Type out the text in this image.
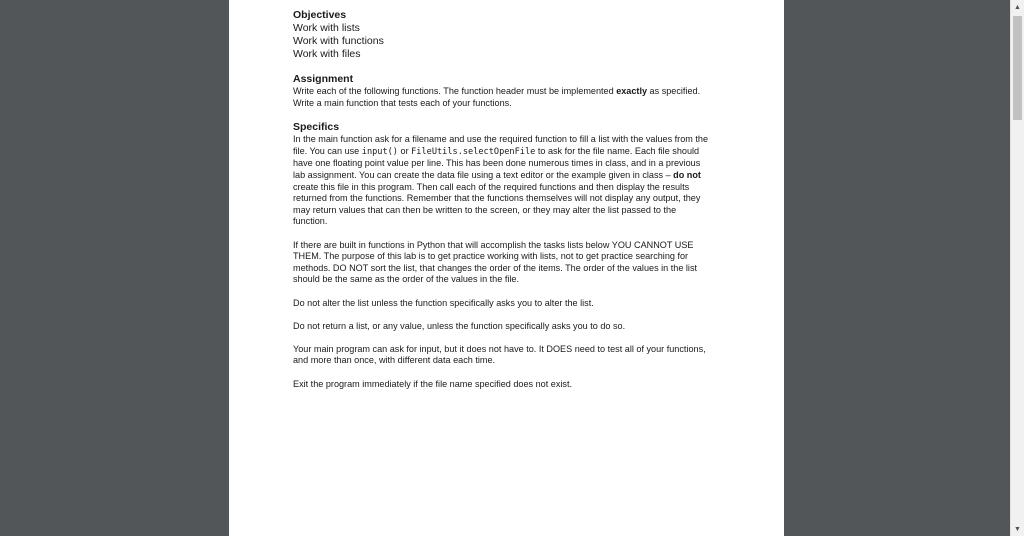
Objectives
Work with lists
Work with functions
Work with files
Assignment

Write each of the following functions. The function header must be implemented exactly as specified. Write a main function that tests each of your functions.

Specifics

In the main function ask for a filename and use the required function to fill a list with the values from the file. You can use input() or FileUtils.selectOpenFile to ask for the file name. Each file should have one floating point value per line. This has been done numerous times in class, and in a previous lab assignment. You can create the data file using a text editor or the example given in class – do not create this file in this program. Then call each of the required functions and then display the results returned from the functions. Remember that the functions themselves will not display any output, they may return values that can then be written to the screen, or they may alter the list passed to the function.

If there are built in functions in Python that will accomplish the tasks lists below YOU CANNOT USE THEM. The purpose of this lab is to get practice working with lists, not to get practice searching for methods. DO NOT sort the list, that changes the order of the items. The order of the values in the list should be the same as the order of the values in the file.

Do not alter the list unless the function specifically asks you to alter the list.

Do not return a list, or any value, unless the function specifically asks you to do so.

Your main program can ask for input, but it does not have to. It DOES need to test all of your functions, and more than once, with different data each time.

Exit the program immediately if the file name specified does not exist.

▲
▼
